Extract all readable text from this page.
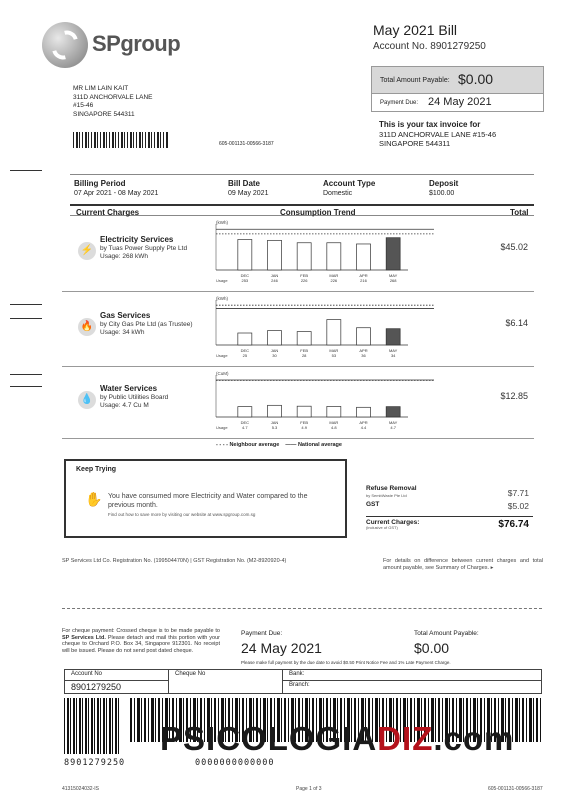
SPgroup
May 2021 Bill
Account No. 8901279250
Total Amount Payable: $0.00
Payment Due: 24 May 2021
This is your tax invoice for
311D ANCHORVALE LANE #15-46
SINGAPORE 544311
MR LIM LAIN KAIT
311D ANCHORVALE LANE
#15-46
SINGAPORE 544311
605-001131-00566-3187
Billing Period
07 Apr 2021 - 08 May 2021
Bill Date
09 May 2021
Account Type
Domestic
Deposit
$100.00
Current Charges	Consumption Trend	Total
⚡
Electricity Services
by Tuas Power Supply Pte Ltd
Usage: 268 kWh
$45.02
(kWh)
Usage
DEC
253
JAN
246
FEB
226
MAR
226
APR
216
MAY
268
🔥
Gas Services
by City Gas Pte Ltd (as Trustee)
Usage: 34 kWh
$6.14
(kWh)
Usage
DEC
25
JAN
30
FEB
28
MAR
53
APR
36
MAY
34
💧
Water Services
by Public Utilities Board
Usage: 4.7 Cu M
$12.85
(CuM)
Usage
DEC
4.7
JAN
5.3
FEB
4.9
MAR
4.8
APR
4.4
MAY
4.7
- - - - Neighbour average    —— National average
Keep Trying
✋ You have consumed more Electricity and Water compared to the previous month.
Find out how to save more by visiting our website at www.spgroup.com.sg
Refuse Removal
by SembWaste Pte Ltd	$7.71
GST	$5.02
Current Charges:
(inclusive of GST)	$76.74
SP Services Ltd Co. Registration No. (199504470N) | GST Registration No. (M2-8920920-4)	For details on difference between current charges and total amount payable, see Summary of Charges. ▸
For cheque payment: Crossed cheque is to be made payable to SP Services Ltd. Please detach and mail this portion with your cheque to Orchard P.O. Box 34, Singapore 912301. No receipt will be issued. Please do not send post dated cheque.
Payment Due:
24 May 2021
Total Amount Payable:
$0.00
Please make full payment by the due date to avoid $0.50 Print Notice Fee and 1% Late Payment Charge.
Account No	Cheque No	Bank:
8901279250		Branch:
PSICOLOGIADIZ.com
8901279250	0000000000000
41315024032-IS	Page 1 of 3	605-001131-00566-3187
